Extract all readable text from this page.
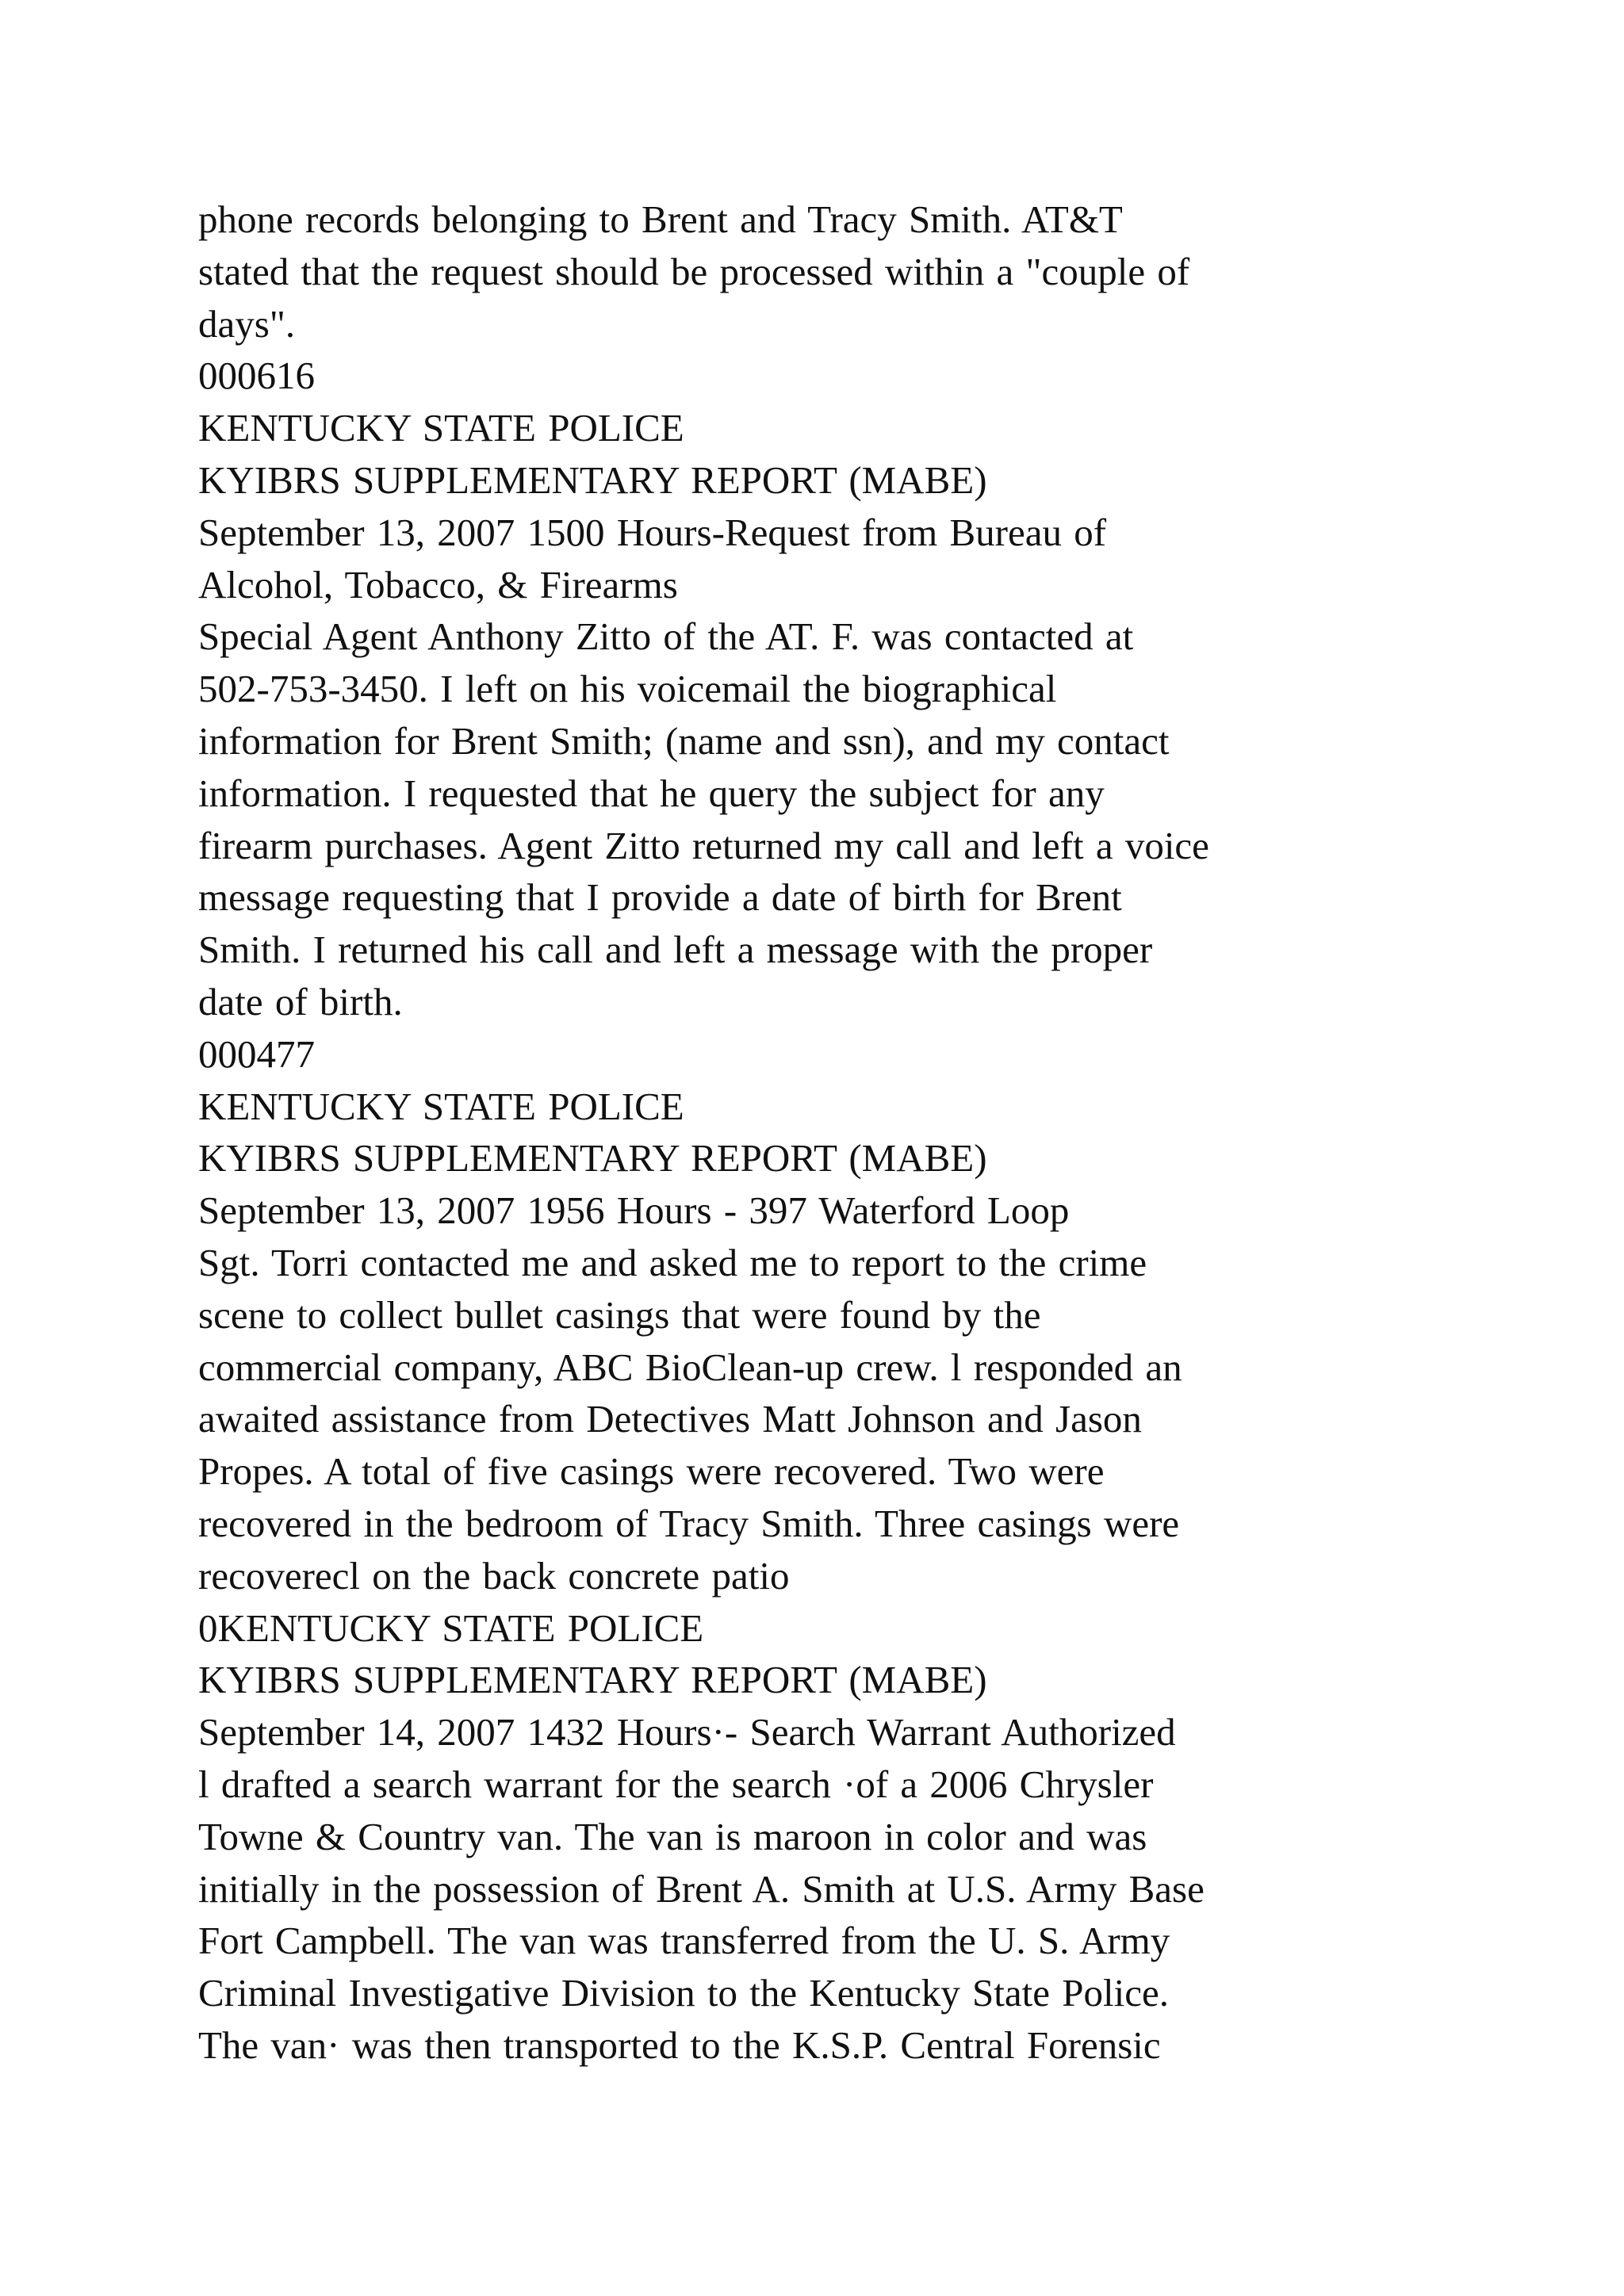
phone records belonging to Brent and Tracy Smith. AT&T
stated that the request should be processed within a "couple of
days".
000616
KENTUCKY STATE POLICE
KYIBRS SUPPLEMENTARY REPORT (MABE)
September 13, 2007 1500 Hours-Request from Bureau of
Alcohol, Tobacco, & Firearms
Special Agent Anthony Zitto of the AT. F. was contacted at
502-753-3450. I left on his voicemail the biographical
information for Brent Smith; (name and ssn), and my contact
information. I requested that he query the subject for any
firearm purchases. Agent Zitto returned my call and left a voice
message requesting that I provide a date of birth for Brent
Smith. I returned his call and left a message with the proper
date of birth.
000477
KENTUCKY STATE POLICE
KYIBRS SUPPLEMENTARY REPORT (MABE)
September 13, 2007 1956 Hours - 397 Waterford Loop
Sgt. Torri contacted me and asked me to report to the crime
scene to collect bullet casings that were found by the
commercial company, ABC BioClean-up crew. l responded an
awaited assistance from Detectives Matt Johnson and Jason
Propes. A total of five casings were recovered. Two were
recovered in the bedroom of Tracy Smith. Three casings were
recoverecl on the back concrete patio
0KENTUCKY STATE POLICE
KYIBRS SUPPLEMENTARY REPORT (MABE)
September 14, 2007 1432 Hours·- Search Warrant Authorized
l drafted a search warrant for the search ·of a 2006 Chrysler
Towne & Country van. The van is maroon in color and was
initially in the possession of Brent A. Smith at U.S. Army Base
Fort Campbell. The van was transferred from the U. S. Army
Criminal Investigative Division to the Kentucky State Police.
The van· was then transported to the K.S.P. Central Forensic
